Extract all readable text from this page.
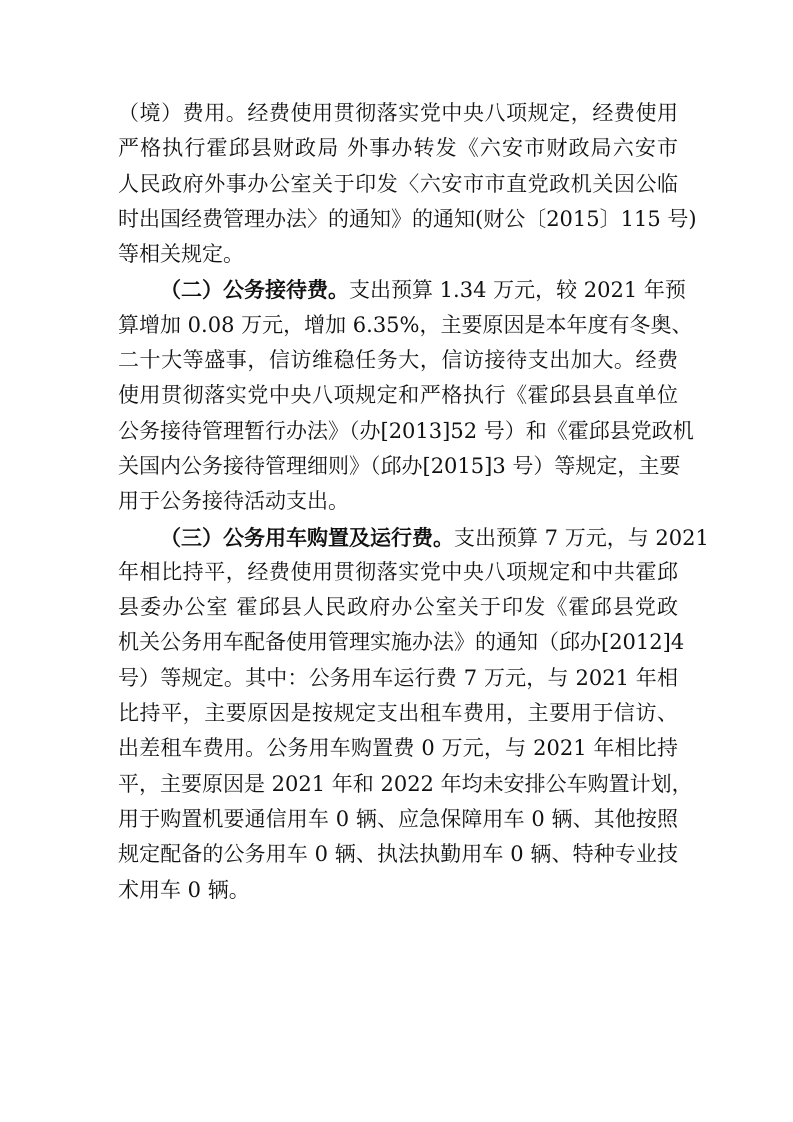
（境）费用。经费使用贯彻落实党中央八项规定，经费使用
严格执行霍邱县财政局 外事办转发《六安市财政局六安市
人民政府外事办公室关于印发〈六安市市直党政机关因公临
时出国经费管理办法〉的通知》的通知(财公〔2015〕115 号)
等相关规定。
（二）公务接待费。支出预算 1.34 万元，较 2021 年预
算增加 0.08 万元，增加 6.35%，主要原因是本年度有冬奥、
二十大等盛事，信访维稳任务大，信访接待支出加大。经费
使用贯彻落实党中央八项规定和严格执行《霍邱县县直单位
公务接待管理暂行办法》（办[2013]52 号）和《霍邱县党政机
关国内公务接待管理细则》（邱办[2015]3 号）等规定，主要
用于公务接待活动支出。
（三）公务用车购置及运行费。支出预算 7 万元，与 2021
年相比持平，经费使用贯彻落实党中央八项规定和中共霍邱
县委办公室 霍邱县人民政府办公室关于印发《霍邱县党政
机关公务用车配备使用管理实施办法》的通知（邱办[2012]4
号）等规定。其中：公务用车运行费 7 万元，与 2021 年相
比持平，主要原因是按规定支出租车费用，主要用于信访、
出差租车费用。公务用车购置费 0 万元，与 2021 年相比持
平，主要原因是 2021 年和 2022 年均未安排公车购置计划，
用于购置机要通信用车 0 辆、应急保障用车 0 辆、其他按照
规定配备的公务用车 0 辆、执法执勤用车 0 辆、特种专业技
术用车 0 辆。
